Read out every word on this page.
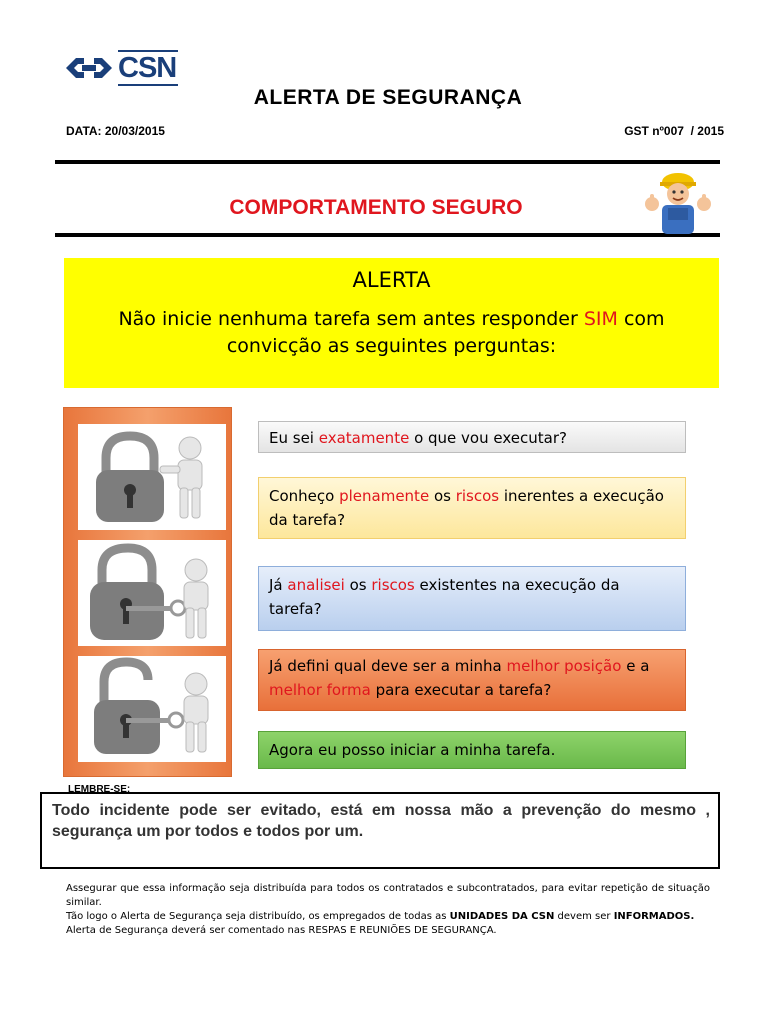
CSN
ALERTA DE SEGURANÇA
DATA: 20/03/2015	GST nº007  / 2015
COMPORTAMENTO SEGURO
ALERTA
Não inicie nenhuma tarefa sem antes responder SIM com convicção as seguintes perguntas:
Eu sei exatamente o que vou executar?
Conheço plenamente os riscos inerentes a execução da tarefa?
Já analisei os riscos existentes na execução da tarefa?
Já defini qual deve ser a minha melhor posição e a melhor forma para executar a tarefa?
Agora eu posso iniciar a minha tarefa.
LEMBRE-SE:
Todo incidente pode ser evitado, está em nossa mão a prevenção do mesmo , segurança um por todos e todos por um.

Assegurar que essa informação seja distribuída para todos os contratados e subcontratados, para evitar repetição de situação similar.

Tão logo o Alerta de Segurança seja distribuído, os empregados de todas as UNIDADES DA CSN devem ser INFORMADOS.

Alerta de Segurança deverá ser comentado nas RESPAS E REUNIÕES DE SEGURANÇA.
